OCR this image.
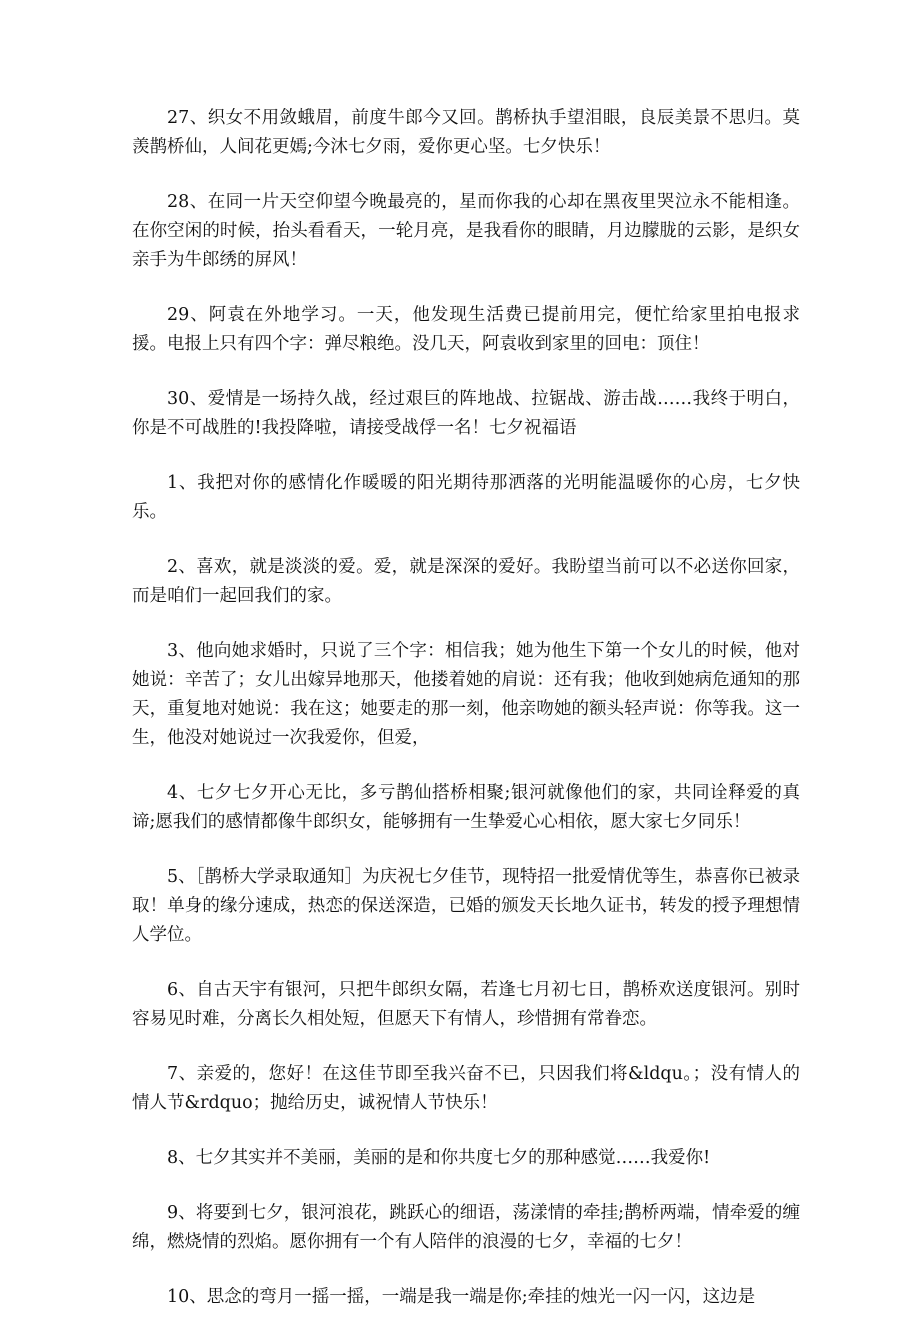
27、织女不用敛蛾眉，前度牛郎今又回。鹊桥执手望泪眼，良辰美景不思归。莫羡鹊桥仙，人间花更嫣;今沐七夕雨，爱你更心坚。七夕快乐！

28、在同一片天空仰望今晚最亮的，星而你我的心却在黑夜里哭泣永不能相逢。在你空闲的时候，抬头看看天，一轮月亮，是我看你的眼睛，月边朦胧的云影，是织女亲手为牛郎绣的屏风！

29、阿袁在外地学习。一天，他发现生活费已提前用完，便忙给家里拍电报求援。电报上只有四个字：弹尽粮绝。没几天，阿袁收到家里的回电：顶住！

30、爱情是一场持久战，经过艰巨的阵地战、拉锯战、游击战……我终于明白，你是不可战胜的!我投降啦，请接受战俘一名！七夕祝福语

1、我把对你的感情化作暖暖的阳光期待那洒落的光明能温暖你的心房，七夕快乐。

2、喜欢，就是淡淡的爱。爱，就是深深的爱好。我盼望当前可以不必送你回家，而是咱们一起回我们的家。

3、他向她求婚时，只说了三个字：相信我；她为他生下第一个女儿的时候，他对她说：辛苦了；女儿出嫁异地那天，他搂着她的肩说：还有我；他收到她病危通知的那天，重复地对她说：我在这；她要走的那一刻，他亲吻她的额头轻声说：你等我。这一生，他没对她说过一次我爱你，但爱，

4、七夕七夕开心无比，多亏鹊仙搭桥相聚;银河就像他们的家，共同诠释爱的真谛;愿我们的感情都像牛郎织女，能够拥有一生挚爱心心相依，愿大家七夕同乐！

5、［鹊桥大学录取通知］为庆祝七夕佳节，现特招一批爱情优等生，恭喜你已被录取！单身的缘分速成，热恋的保送深造，已婚的颁发天长地久证书，转发的授予理想情人学位。

6、自古天宇有银河，只把牛郎织女隔，若逢七月初七日，鹊桥欢送度银河。别时容易见时难，分离长久相处短，但愿天下有情人，珍惜拥有常眷恋。

7、亲爱的，您好！在这佳节即至我兴奋不已，只因我们将&ldqu。；没有情人的情人节&rdquo；抛给历史，诚祝情人节快乐！

8、七夕其实并不美丽，美丽的是和你共度七夕的那种感觉……我爱你!

9、将要到七夕，银河浪花，跳跃心的细语，荡漾情的牵挂;鹊桥两端，情牵爱的缠绵，燃烧情的烈焰。愿你拥有一个有人陪伴的浪漫的七夕，幸福的七夕！

10、思念的弯月一摇一摇，一端是我一端是你;牵挂的烛光一闪一闪，这边是
